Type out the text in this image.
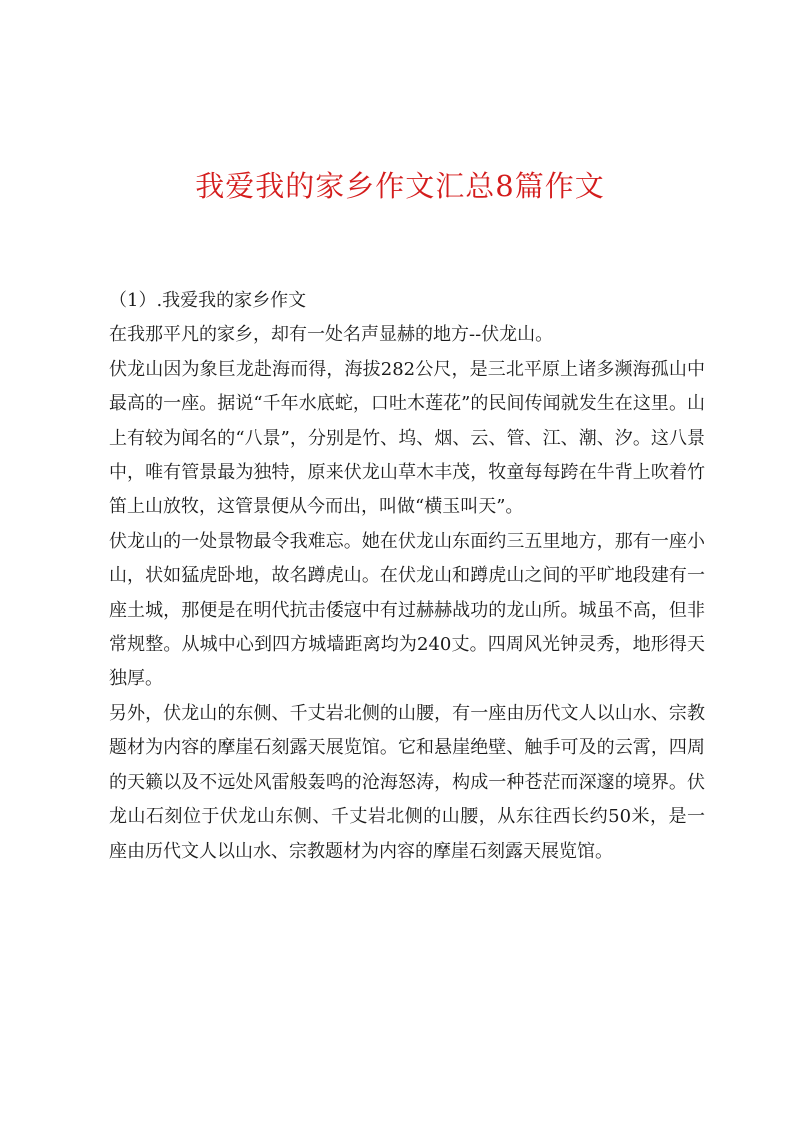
我爱我的家乡作文汇总8篇作文

（1）.我爱我的家乡作文

在我那平凡的家乡，却有一处名声显赫的地方--伏龙山。

伏龙山因为象巨龙赴海而得，海拔282公尺，是三北平原上诸多濒海孤山中最高的一座。据说“千年水底蛇，口吐木莲花”的民间传闻就发生在这里。山上有较为闻名的“八景”，分别是竹、坞、烟、云、管、江、潮、汐。这八景中，唯有管景最为独特，原来伏龙山草木丰茂，牧童每每跨在牛背上吹着竹笛上山放牧，这管景便从今而出，叫做“横玉叫天”。

伏龙山的一处景物最令我难忘。她在伏龙山东面约三五里地方，那有一座小山，状如猛虎卧地，故名蹲虎山。在伏龙山和蹲虎山之间的平旷地段建有一座土城，那便是在明代抗击倭寇中有过赫赫战功的龙山所。城虽不高，但非常规整。从城中心到四方城墙距离均为240丈。四周风光钟灵秀，地形得天独厚。

另外，伏龙山的东侧、千丈岩北侧的山腰，有一座由历代文人以山水、宗教题材为内容的摩崖石刻露天展览馆。它和悬崖绝壁、触手可及的云霄，四周的天籁以及不远处风雷般轰鸣的沧海怒涛，构成一种苍茫而深邃的境界。伏龙山石刻位于伏龙山东侧、千丈岩北侧的山腰，从东往西长约50米，是一座由历代文人以山水、宗教题材为内容的摩崖石刻露天展览馆。
